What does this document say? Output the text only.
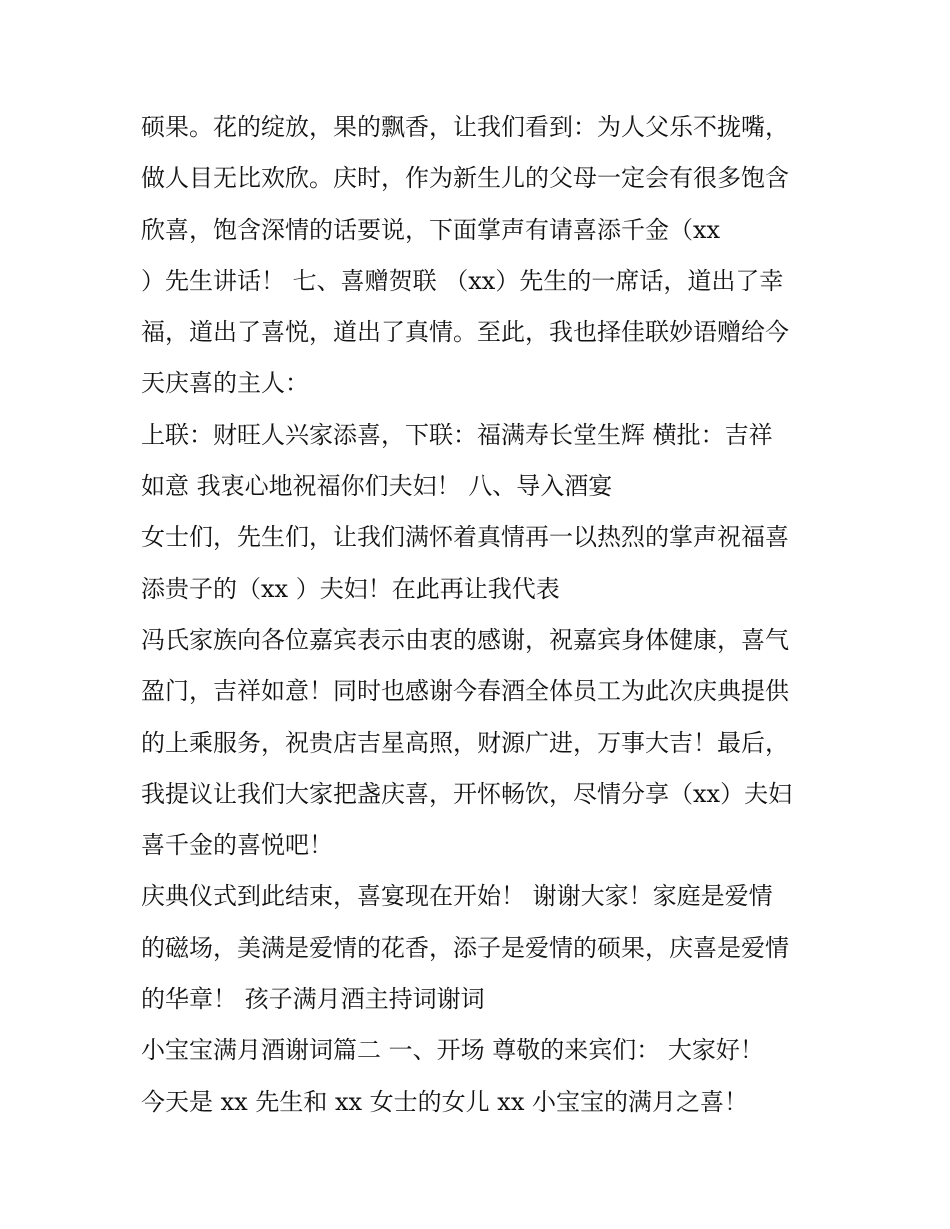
硕果。花的绽放，果的飘香，让我们看到：为人父乐不拢嘴，
做人目无比欢欣。庆时，作为新生儿的父母一定会有很多饱含
欣喜，饱含深情的话要说，下面掌声有请喜添千金（xx
）先生讲话！ 七、喜赠贺联 （xx）先生的一席话，道出了幸
福，道出了喜悦，道出了真情。至此，我也择佳联妙语赠给今
天庆喜的主人：
上联：财旺人兴家添喜，下联：福满寿长堂生辉 横批：吉祥
如意 我衷心地祝福你们夫妇！ 八、导入酒宴
女士们，先生们，让我们满怀着真情再一以热烈的掌声祝福喜
添贵子的（xx ）夫妇！在此再让我代表
冯氏家族向各位嘉宾表示由衷的感谢，祝嘉宾身体健康，喜气
盈门，吉祥如意！同时也感谢今春酒全体员工为此次庆典提供
的上乘服务，祝贵店吉星高照，财源广进，万事大吉！最后，
我提议让我们大家把盏庆喜，开怀畅饮，尽情分享（xx）夫妇
喜千金的喜悦吧！
庆典仪式到此结束，喜宴现在开始！ 谢谢大家！家庭是爱情
的磁场，美满是爱情的花香，添子是爱情的硕果，庆喜是爱情
的华章！ 孩子满月酒主持词谢词
小宝宝满月酒谢词篇二 一、开场 尊敬的来宾们： 大家好！
今天是 xx 先生和 xx 女士的女儿 xx 小宝宝的满月之喜！
